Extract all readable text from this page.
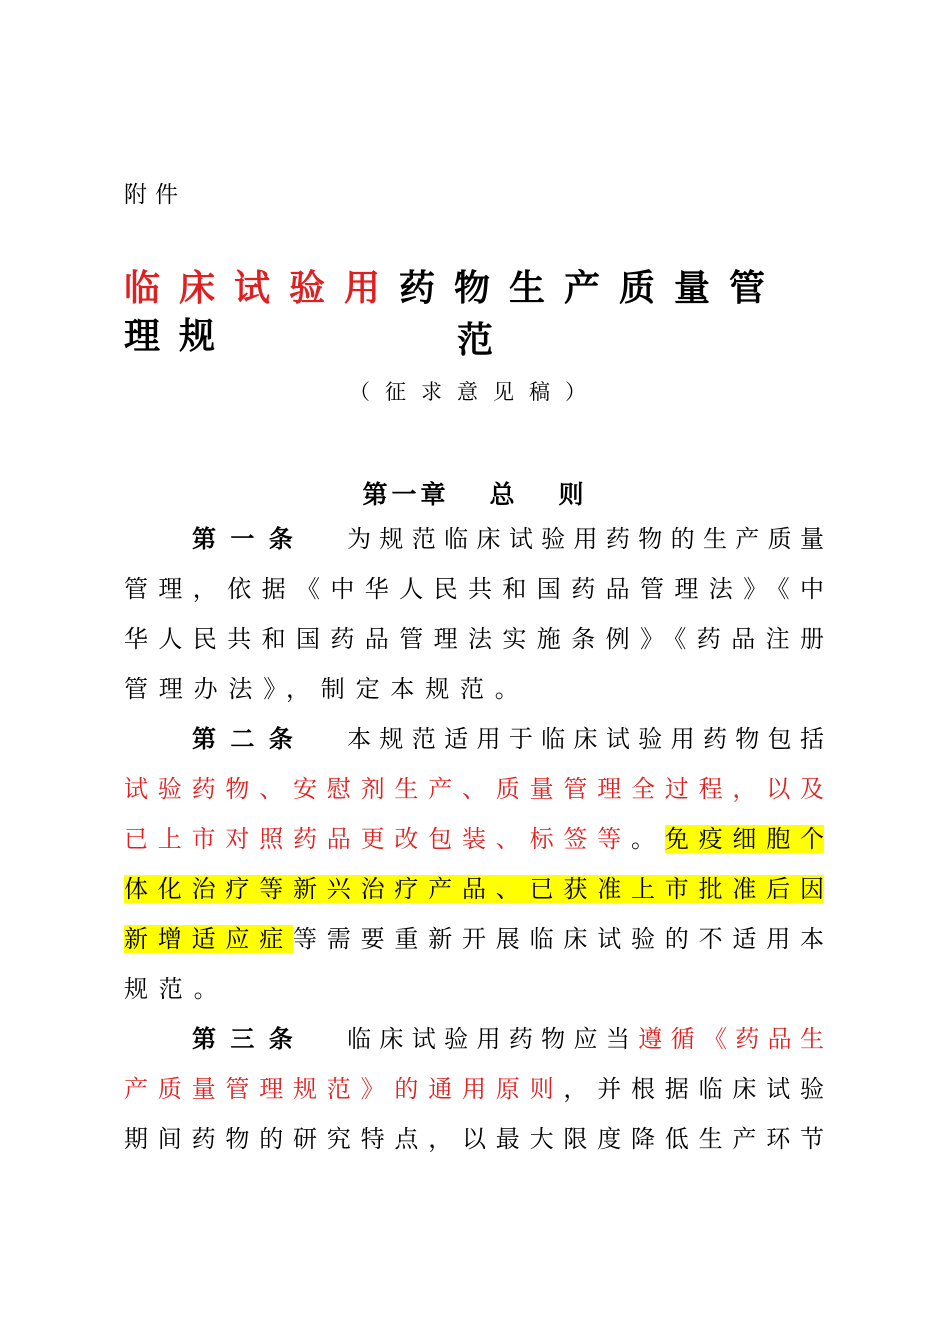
附件
临床试验用药物生产质量管理规	范
（征求意见稿）
第一章 总 则
第一条 为规范临床试验用药物的生产质量
管理，依据《中华人民共和国药品管理法》《中
华人民共和国药品管理法实施条例》《药品注册
管理办法》，制定本规范。
第二条 本规范适用于临床试验用药物包括
试验药物、安慰剂生产、质量管理全过程，以及
已上市对照药品更改包装、标签等。免疫细胞个
体化治疗等新兴治疗产品、已获准上市批准后因
新增适应症等需要重新开展临床试验的不适用本
规范。
第三条 临床试验用药物应当遵循《药品生
产质量管理规范》的通用原则，并根据临床试验
期间药物的研究特点，以最大限度降低生产环节
